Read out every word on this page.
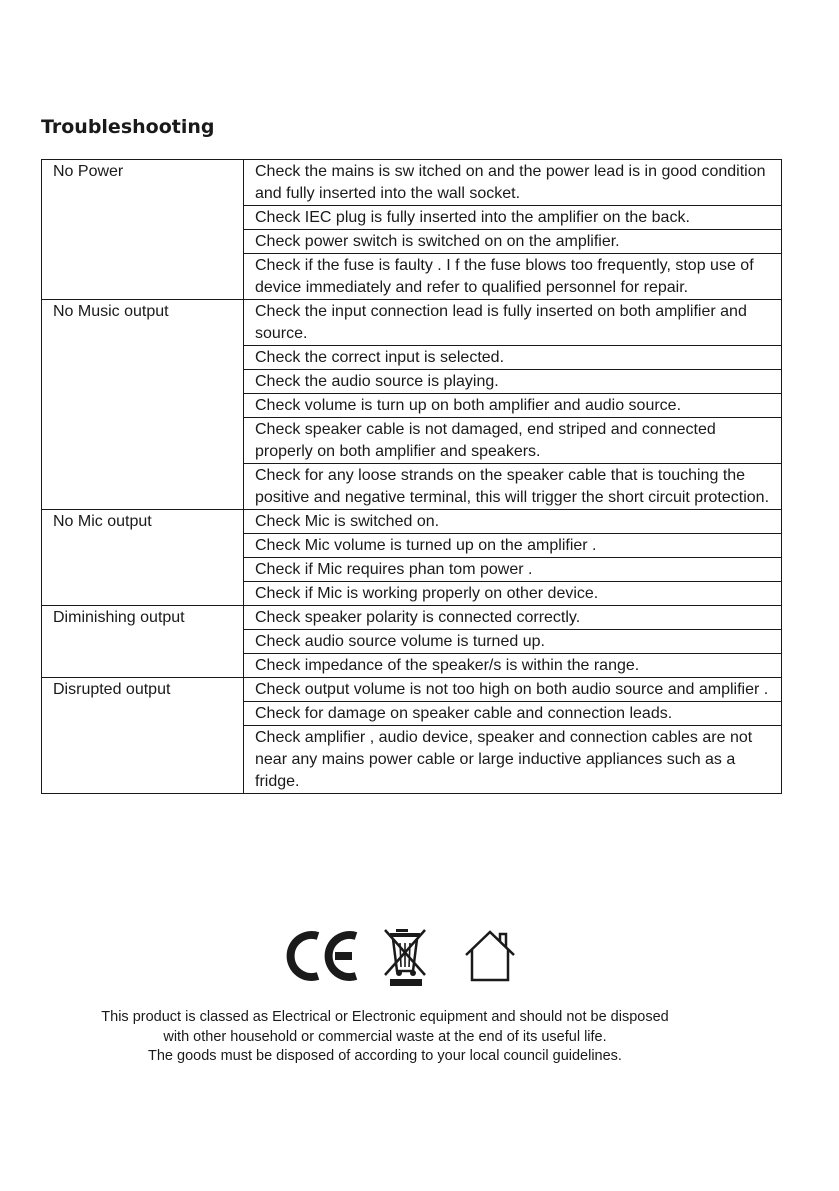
Troubleshooting
No Power	Check the mains is sw itched on and the power lead is in good condition and fully inserted into the wall socket.
	Check IEC plug is fully inserted into the amplifier on the back.
	Check power switch is switched on on the amplifier.
	Check if the fuse is faulty . I f the fuse blows too frequently, stop use of device immediately and refer to qualified personnel for repair.
No Music output	Check the input connection lead is fully inserted on both amplifier and source.
	Check the correct input is selected.
	Check the audio source is playing.
	Check volume is turn up on both amplifier and audio source.
	Check speaker cable is not damaged, end striped and connected properly on both amplifier and speakers.
	Check for any loose strands on the speaker cable that is touching the positive and negative terminal, this will trigger the short circuit protection.
No Mic output	Check Mic is switched on.
	Check Mic volume is turned up on the amplifier .
	Check if Mic requires phan tom power .
	Check if Mic is working properly on other device.
Diminishing output	Check speaker polarity is connected correctly.
	Check audio source volume is turned up.
	Check impedance of the speaker/s is within the range.
Disrupted output	Check output volume is not too high on both audio source and amplifier .
	Check for damage on speaker cable and connection leads.
	Check amplifier , audio device, speaker and connection cables are not near any mains power cable or large inductive appliances such as a fridge.
This product is classed as Electrical or Electronic equipment and should not be disposed
with other household or commercial waste at the end of its useful life.
The goods must be disposed of according to your local council guidelines.
